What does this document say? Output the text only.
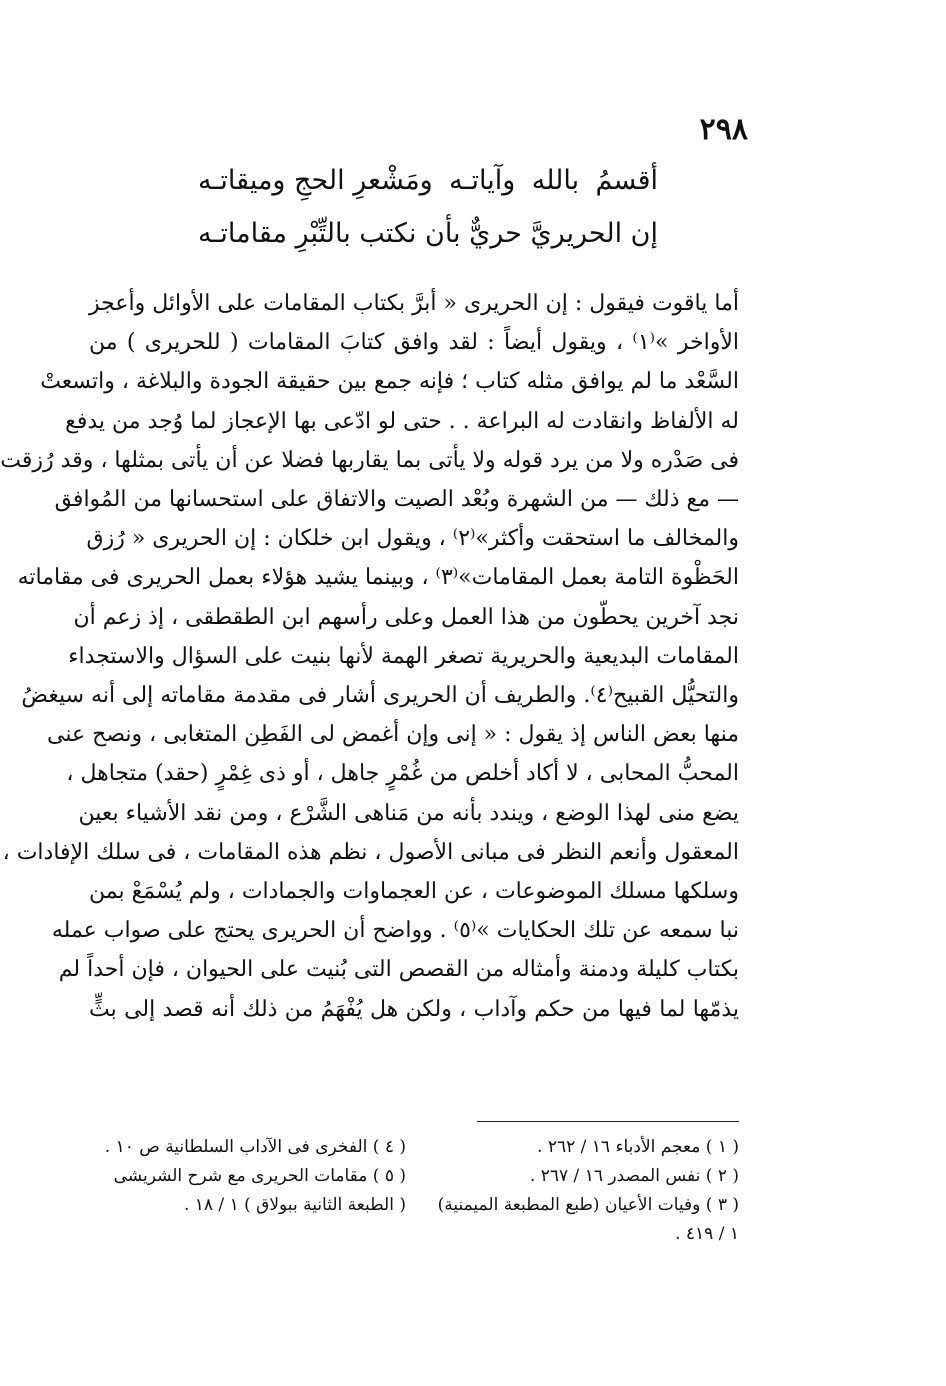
٢٩٨
أقسمُ
بالله
وآياتـه
ومَشْعرِ الحجِ وميقاتـه
إن الحريريَّ
حريٌّ
بأن
نكتب بالتِّبْرِ مقاماتـه
أما ياقوت فيقول : إن الحريرى « أبرَّ بكتاب المقامات على الأوائل وأعجز
الأواخر »⁽١⁾ ، ويقول أيضاً : لقد وافق كتابَ المقامات ( للحريرى ) من
السَّعْد ما لم يوافق مثله كتاب ؛ فإنه جمع بين حقيقة الجودة والبلاغة ، واتسعتْ
له الألفاظ وانقادت له البراعة . . حتى لو ادّعى بها الإعجاز لما وُجد من يدفع
فى صَدْره ولا من يرد قوله ولا يأتى بما يقاربها فضلا عن أن يأتى بمثلها ، وقد رُزقت
— مع ذلك — من الشهرة وبُعْد الصيت والاتفاق على استحسانها من المُوافق
والمخالف ما استحقت وأكثر»⁽٢⁾ ، ويقول ابن خلكان : إن الحريرى « رُزق
الحَظْوة التامة بعمل المقامات»⁽٣⁾ ، وبينما يشيد هؤلاء بعمل الحريرى فى مقاماته
نجد آخرين يحطّون من هذا العمل وعلى رأسهم ابن الطقطقى ، إذ زعم أن
المقامات البديعية والحريرية تصغر الهمة لأنها بنيت على السؤال والاستجداء
والتحيُّل القبيح⁽٤⁾. والطريف أن الحريرى أشار فى مقدمة مقاماته إلى أنه سيغضُ
منها بعض الناس إذ يقول : « إنى وإن أغمض لى الفَطِن المتغابى ، ونصح عنى
المحبُّ المحابى ، لا أكاد أخلص من غُمْرٍ جاهل ، أو ذى غِمْرٍ (حقد) متجاهل ،
يضع منى لهذا الوضع ، ويندد بأنه من مَناهى الشَّرْع ، ومن نقد الأشياء بعين
المعقول وأنعم النظر فى مبانى الأصول ، نظم هذه المقامات ، فى سلك الإفادات ،
وسلكها مسلك الموضوعات ، عن العجماوات والجمادات ، ولم يُسْمَعْ بمن
نبا سمعه عن تلك الحكايات »⁽٥⁾ . وواضح أن الحريرى يحتج على صواب عمله
بكتاب كليلة ودمنة وأمثاله من القصص التى بُنيت على الحيوان ، فإن أحداً لم
يذمّها لما فيها من حكم وآداب ، ولكن هل يُفْهَمُ من ذلك أنه قصد إلى بثٍّ
( ١ ) معجم الأدباء ١٦ / ٢٦٢ .
( ٢ ) نفس المصدر ١٦ / ٢٦٧ .
( ٣ ) وفيات الأعيان (طبع المطبعة الميمنية)
١ / ٤١٩ .
( ٤ ) الفخرى فى الآداب السلطانية ص ١٠ .
( ٥ ) مقامات الحريرى مع شرح الشريشى
( الطبعة الثانية ببولاق ) ١ / ١٨ .
